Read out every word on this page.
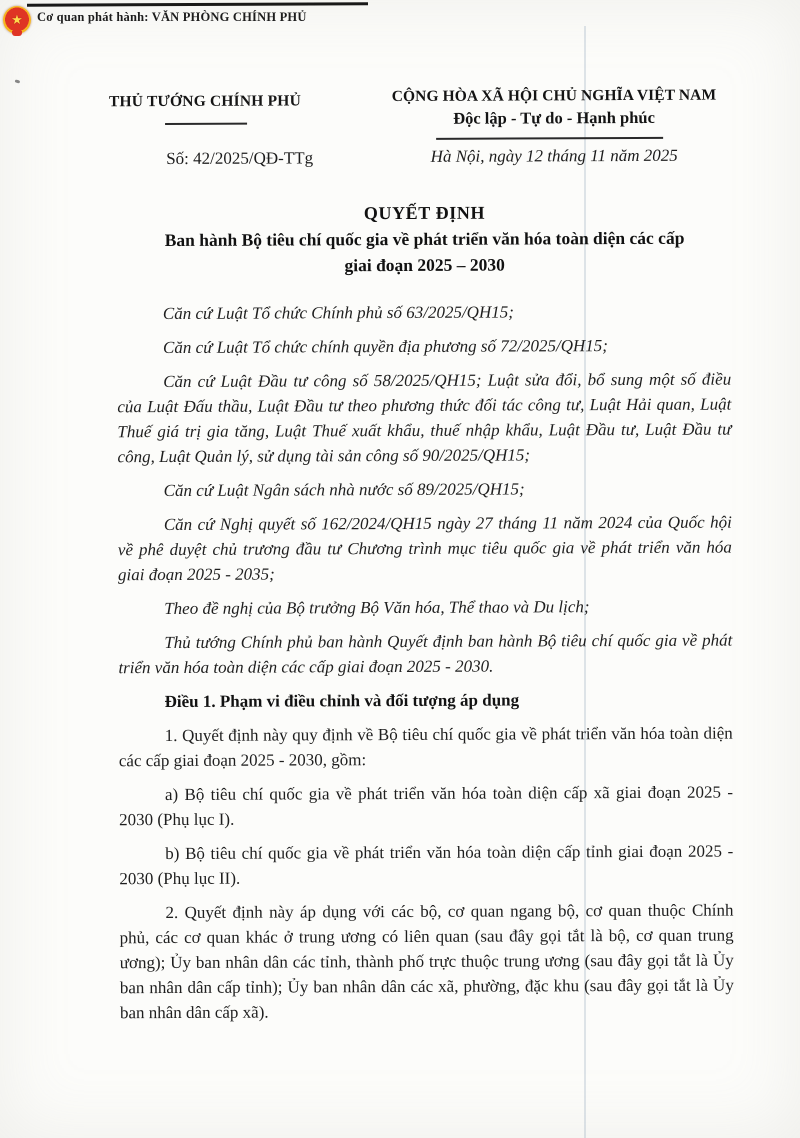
★	Cơ quan phát hành: VĂN PHÒNG CHÍNH PHỦ
THỦ TƯỚNG CHÍNH PHỦ
Số: 42/2025/QĐ-TTg
CỘNG HÒA XÃ HỘI CHỦ NGHĨA VIỆT NAM
Độc lập - Tự do - Hạnh phúc
Hà Nội, ngày 12 tháng 11 năm 2025
QUYẾT ĐỊNH
Ban hành Bộ tiêu chí quốc gia về phát triển văn hóa toàn diện các cấp
giai đoạn 2025 – 2030

Căn cứ Luật Tổ chức Chính phủ số 63/2025/QH15;

Căn cứ Luật Tổ chức chính quyền địa phương số 72/2025/QH15;

Căn cứ Luật Đầu tư công số 58/2025/QH15; Luật sửa đổi, bổ sung một số điều của Luật Đấu thầu, Luật Đầu tư theo phương thức đối tác công tư, Luật Hải quan, Luật Thuế giá trị gia tăng, Luật Thuế xuất khẩu, thuế nhập khẩu, Luật Đầu tư, Luật Đầu tư công, Luật Quản lý, sử dụng tài sản công số 90/2025/QH15;

Căn cứ Luật Ngân sách nhà nước số 89/2025/QH15;

Căn cứ Nghị quyết số 162/2024/QH15 ngày 27 tháng 11 năm 2024 của Quốc hội về phê duyệt chủ trương đầu tư Chương trình mục tiêu quốc gia về phát triển văn hóa giai đoạn 2025 - 2035;

Theo đề nghị của Bộ trưởng Bộ Văn hóa, Thể thao và Du lịch;

Thủ tướng Chính phủ ban hành Quyết định ban hành Bộ tiêu chí quốc gia về phát triển văn hóa toàn diện các cấp giai đoạn 2025 - 2030.

Điều 1. Phạm vi điều chỉnh và đối tượng áp dụng

1. Quyết định này quy định về Bộ tiêu chí quốc gia về phát triển văn hóa toàn diện các cấp giai đoạn 2025 - 2030, gồm:

a) Bộ tiêu chí quốc gia về phát triển văn hóa toàn diện cấp xã giai đoạn 2025 - 2030 (Phụ lục I).

b) Bộ tiêu chí quốc gia về phát triển văn hóa toàn diện cấp tỉnh giai đoạn 2025 - 2030 (Phụ lục II).

2. Quyết định này áp dụng với các bộ, cơ quan ngang bộ, cơ quan thuộc Chính phủ, các cơ quan khác ở trung ương có liên quan (sau đây gọi tắt là bộ, cơ quan trung ương); Ủy ban nhân dân các tỉnh, thành phố trực thuộc trung ương (sau đây gọi tắt là Ủy ban nhân dân cấp tỉnh); Ủy ban nhân dân các xã, phường, đặc khu (sau đây gọi tắt là Ủy ban nhân dân cấp xã).
